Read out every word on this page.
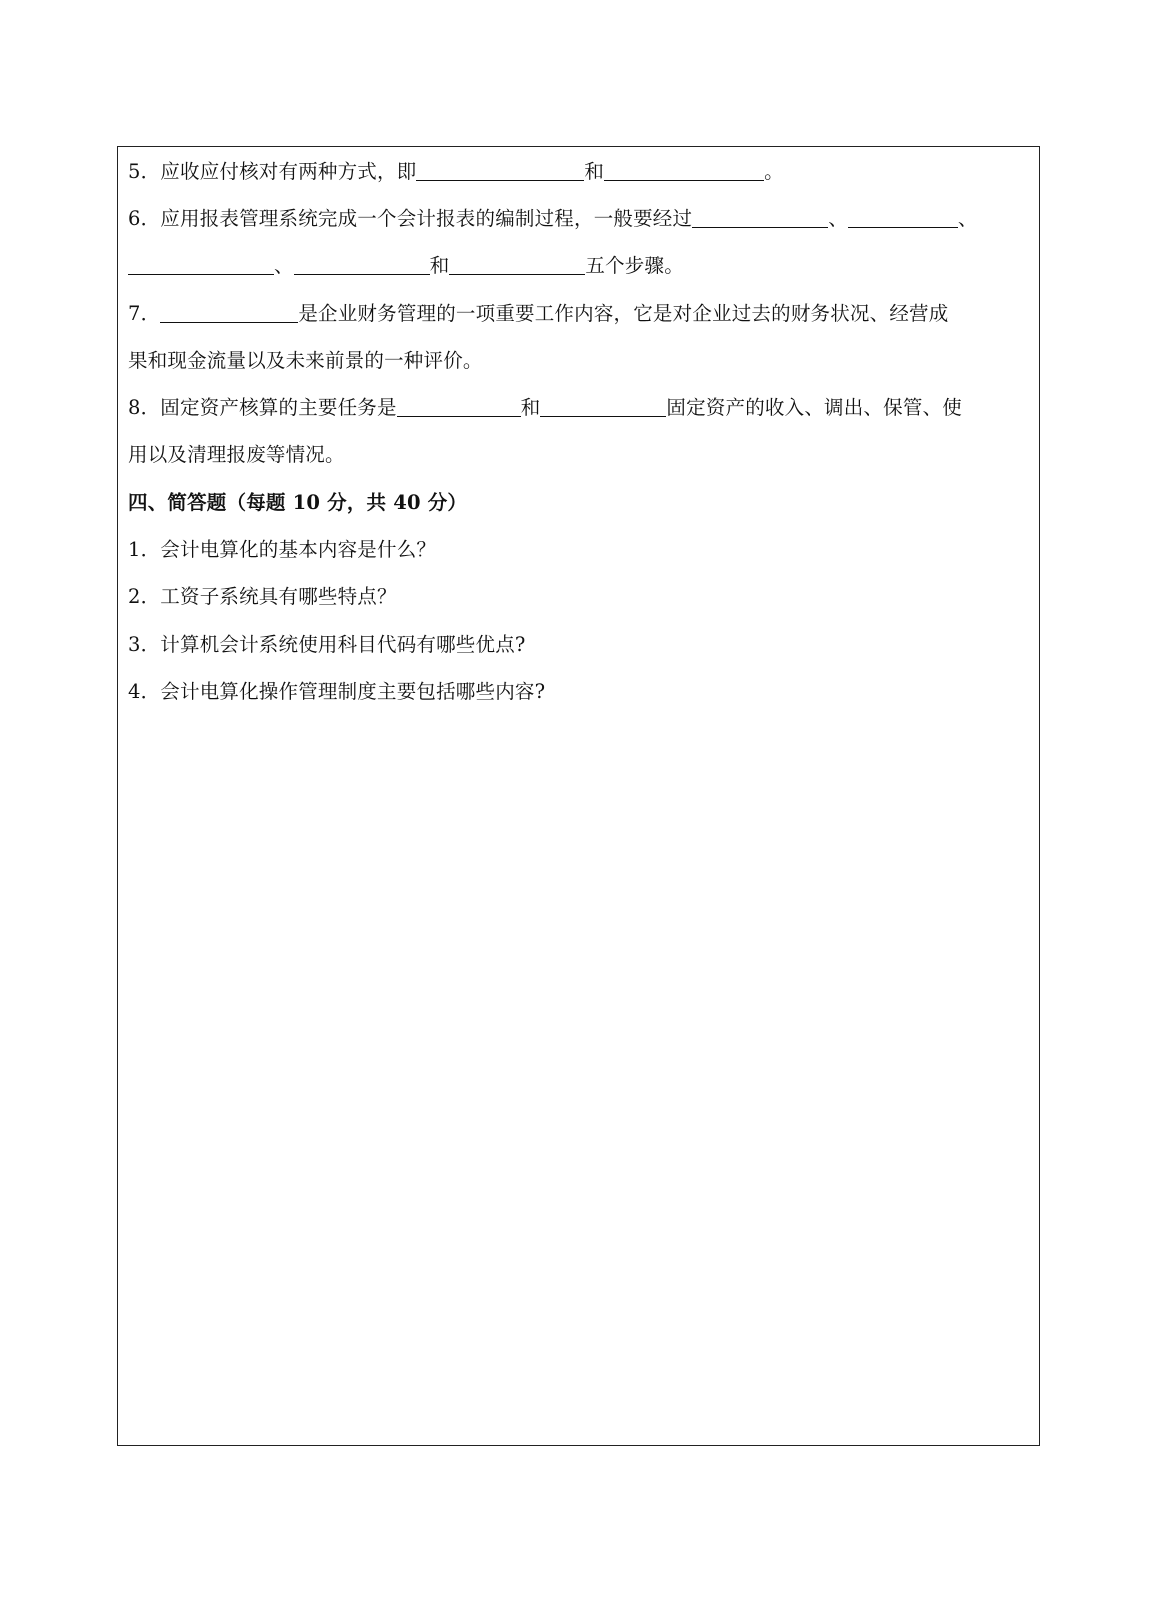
5．应收应付核对有两种方式，即	和	。
6．应用报表管理系统完成一个会计报表的编制过程，一般要经过	、	、
、	和	五个步骤。
7．	是企业财务管理的一项重要工作内容，它是对企业过去的财务状况、经营成
果和现金流量以及未来前景的一种评价。
8．固定资产核算的主要任务是	和	固定资产的收入、调出、保管、使
用以及清理报废等情况。
四、简答题（每题 10 分，共 40 分）
1．会计电算化的基本内容是什么？
2．工资子系统具有哪些特点？
3．计算机会计系统使用科目代码有哪些优点?
4．会计电算化操作管理制度主要包括哪些内容?
